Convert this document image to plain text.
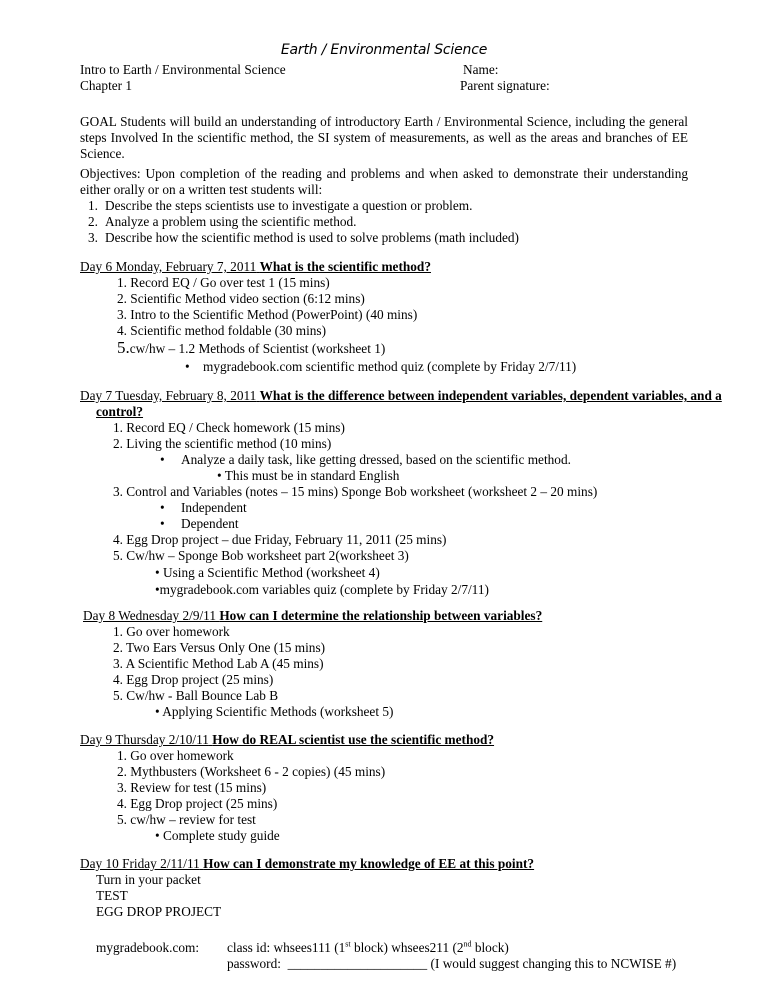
Earth / Environmental Science
Intro to Earth / Environmental Science
Chapter 1
Name:
Parent signature:
GOAL Students will build an understanding of introductory Earth / Environmental Science, including the general steps Involved In the scientific method, the SI system of measurements, as well as the areas and branches of EE Science.
Objectives: Upon completion of the reading and problems and when asked to demonstrate their understanding either orally or on a written test students will:
1. Describe the steps scientists use to investigate a question or problem.
2. Analyze a problem using the scientific method.
3. Describe how the scientific method is used to solve problems (math included)
Day 6 Monday, February 7, 2011 What is the scientific method?
1. Record EQ / Go over test 1 (15 mins)
2. Scientific Method video section (6:12 mins)
3. Intro to the Scientific Method (PowerPoint) (40 mins)
4. Scientific method foldable (30 mins)
5.cw/hw – 1.2 Methods of Scientist (worksheet 1)
• mygradebook.com scientific method quiz (complete by Friday 2/7/11)
Day 7 Tuesday, February 8, 2011 What is the difference between independent variables, dependent variables, and a
control?
1. Record EQ / Check homework (15 mins)
2. Living the scientific method (10 mins)
• Analyze a daily task, like getting dressed, based on the scientific method.
• This must be in standard English
3. Control and Variables (notes – 15 mins) Sponge Bob worksheet (worksheet 2 – 20 mins)
• Independent
• Dependent
4. Egg Drop project – due Friday, February 11, 2011 (25 mins)
5. Cw/hw – Sponge Bob worksheet part 2(worksheet 3)
• Using a Scientific Method (worksheet 4)
•mygradebook.com variables quiz (complete by Friday 2/7/11)
Day 8 Wednesday 2/9/11 How can I determine the relationship between variables?
1. Go over homework
2. Two Ears Versus Only One (15 mins)
3. A Scientific Method Lab A (45 mins)
4. Egg Drop project (25 mins)
5. Cw/hw - Ball Bounce Lab B
• Applying Scientific Methods (worksheet 5)
Day 9 Thursday 2/10/11 How do REAL scientist use the scientific method?
1. Go over homework
2. Mythbusters (Worksheet 6 - 2 copies) (45 mins)
3. Review for test (15 mins)
4. Egg Drop project (25 mins)
5. cw/hw – review for test
• Complete study guide
Day 10 Friday 2/11/11 How can I demonstrate my knowledge of EE at this point?
Turn in your packet
TEST
EGG DROP PROJECT
mygradebook.com: class id: whsees111 (1st block) whsees211 (2nd block)
password:  _____________________ (I would suggest changing this to NCWISE #)
